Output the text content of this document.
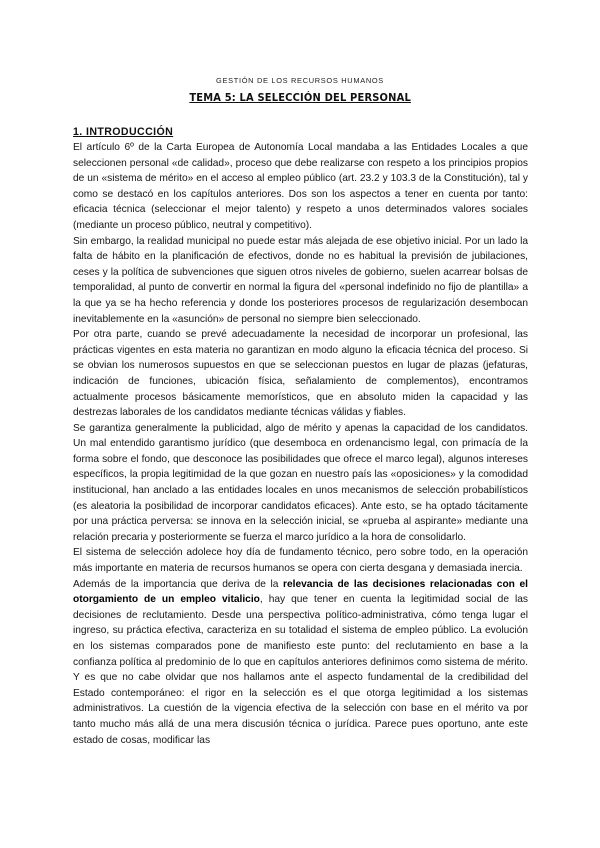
GESTIÓN DE LOS RECURSOS HUMANOS
TEMA 5: LA SELECCIÓN DEL PERSONAL
1. INTRODUCCIÓN

El artículo 6º de la Carta Europea de Autonomía Local mandaba a las Entidades Locales a que seleccionen personal «de calidad», proceso que debe realizarse con respeto a los principios propios de un «sistema de mérito» en el acceso al empleo público (art. 23.2 y 103.3 de la Constitución), tal y como se destacó en los capítulos anteriores. Dos son los aspectos a tener en cuenta por tanto: eficacia técnica (seleccionar el mejor talento) y respeto a unos determinados valores sociales (mediante un proceso público, neutral y competitivo).

Sin embargo, la realidad municipal no puede estar más alejada de ese objetivo inicial. Por un lado la falta de hábito en la planificación de efectivos, donde no es habitual la previsión de jubilaciones, ceses y la política de subvenciones que siguen otros niveles de gobierno, suelen acarrear bolsas de temporalidad, al punto de convertir en normal la figura del «personal indefinido no fijo de plantilla» a la que ya se ha hecho referencia y donde los posteriores procesos de regularización desembocan inevitablemente en la «asunción» de personal no siempre bien seleccionado.

Por otra parte, cuando se prevé adecuadamente la necesidad de incorporar un profesional, las prácticas vigentes en esta materia no garantizan en modo alguno la eficacia técnica del proceso. Si se obvian los numerosos supuestos en que se seleccionan puestos en lugar de plazas (jefaturas, indicación de funciones, ubicación física, señalamiento de complementos), encontramos actualmente procesos básicamente memorísticos, que en absoluto miden la capacidad y las destrezas laborales de los candidatos mediante técnicas válidas y fiables.

Se garantiza generalmente la publicidad, algo de mérito y apenas la capacidad de los candidatos. Un mal entendido garantismo jurídico (que desemboca en ordenancismo legal, con primacía de la forma sobre el fondo, que desconoce las posibilidades que ofrece el marco legal), algunos intereses específicos, la propia legitimidad de la que gozan en nuestro país las «oposiciones» y la comodidad institucional, han anclado a las entidades locales en unos mecanismos de selección probabilísticos (es aleatoria la posibilidad de incorporar candidatos eficaces). Ante esto, se ha optado tácitamente por una práctica perversa: se innova en la selección inicial, se «prueba al aspirante» mediante una relación precaria y posteriormente se fuerza el marco jurídico a la hora de consolidarlo.

El sistema de selección adolece hoy día de fundamento técnico, pero sobre todo, en la operación más importante en materia de recursos humanos se opera con cierta desgana y demasiada inercia.

Además de la importancia que deriva de la relevancia de las decisiones relacionadas con el otorgamiento de un empleo vitalicio, hay que tener en cuenta la legitimidad social de las decisiones de reclutamiento. Desde una perspectiva político-administrativa, cómo tenga lugar el ingreso, su práctica efectiva, caracteriza en su totalidad el sistema de empleo público. La evolución en los sistemas comparados pone de manifiesto este punto: del reclutamiento en base a la confianza política al predominio de lo que en capítulos anteriores definimos como sistema de mérito. Y es que no cabe olvidar que nos hallamos ante el aspecto fundamental de la credibilidad del Estado contemporáneo: el rigor en la selección es el que otorga legitimidad a los sistemas administrativos. La cuestión de la vigencia efectiva de la selección con base en el mérito va por tanto mucho más allá de una mera discusión técnica o jurídica. Parece pues oportuno, ante este estado de cosas, modificar las
